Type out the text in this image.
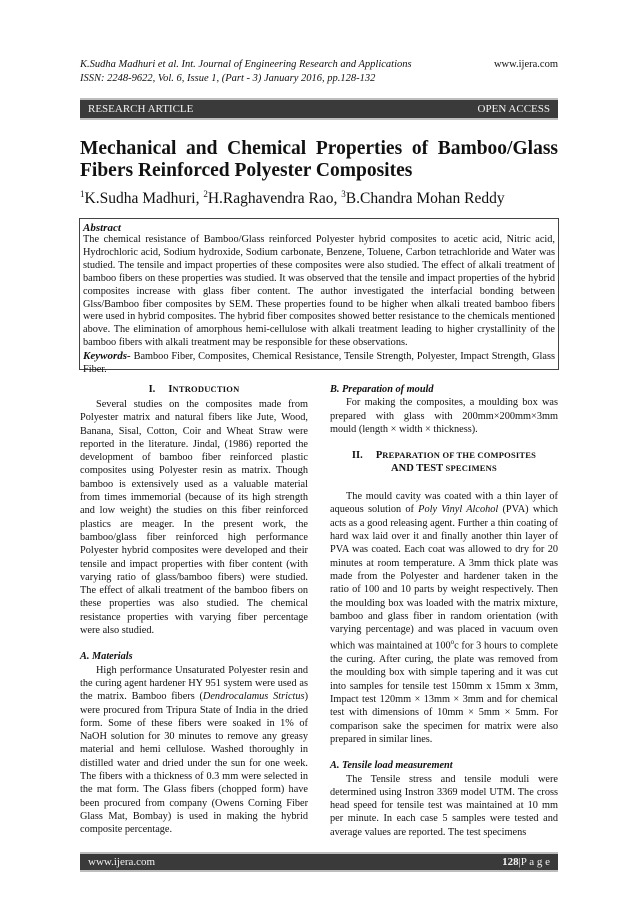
K.Sudha Madhuri et al. Int. Journal of Engineering Research and Applications
ISSN: 2248-9622, Vol. 6, Issue 1, (Part - 3) January 2016, pp.128-132
www.ijera.com
RESEARCH ARTICLE	OPEN ACCESS
Mechanical and Chemical Properties of Bamboo/Glass Fibers Reinforced Polyester Composites
$^1$K.Sudha Madhuri, $^2$H.Raghavendra Rao, $^3$B.Chandra Mohan Reddy
Abstract
The chemical resistance of Bamboo/Glass reinforced Polyester hybrid composites to acetic acid, Nitric acid, Hydrochloric acid, Sodium hydroxide, Sodium carbonate, Benzene, Toluene, Carbon tetrachloride and Water was studied. The tensile and impact properties of these composites were also studied. The effect of alkali treatment of bamboo fibers on these properties was studied. It was observed that the tensile and impact properties of the hybrid composites increase with glass fiber content. The author investigated the interfacial bonding between Glss/Bamboo fiber composites by SEM. These properties found to be higher when alkali treated bamboo fibers were used in hybrid composites. The hybrid fiber composites showed better resistance to the chemicals mentioned above. The elimination of amorphous hemi-cellulose with alkali treatment leading to higher crystallinity of the bamboo fibers with alkali treatment may be responsible for these observations.
Keywords- Bamboo Fiber, Composites, Chemical Resistance, Tensile Strength, Polyester, Impact Strength, Glass Fiber.
I. INTRODUCTION

Several studies on the composites made from Polyester matrix and natural fibers like Jute, Wood, Banana, Sisal, Cotton, Coir and Wheat Straw were reported in the literature. Jindal, (1986) reported the development of bamboo fiber reinforced plastic composites using Polyester resin as matrix. Though bamboo is extensively used as a valuable material from times immemorial (because of its high strength and low weight) the studies on this fiber reinforced plastics are meager. In the present work, the bamboo/glass fiber reinforced high performance Polyester hybrid composites were developed and their tensile and impact properties with fiber content (with varying ratio of glass/bamboo fibers) were studied. The effect of alkali treatment of the bamboo fibers on these properties was also studied. The chemical resistance properties with varying fiber percentage were also studied.

A. Materials

High performance Unsaturated Polyester resin and the curing agent hardener HY 951 system were used as the matrix. Bamboo fibers (Dendrocalamus Strictus) were procured from Tripura State of India in the dried form. Some of these fibers were soaked in 1% of NaOH solution for 30 minutes to remove any greasy material and hemi cellulose. Washed thoroughly in distilled water and dried under the sun for one week. The fibers with a thickness of 0.3 mm were selected in the mat form. The Glass fibers (chopped form) have been procured from company (Owens Corning Fiber Glass Mat, Bombay) is used in making the hybrid composite percentage.

B. Preparation of mould

For making the composites, a moulding box was prepared with glass with 200mm×200mm×3mm mould (length × width × thickness).

II. PREPARATION OF THE COMPOSITES
AND TEST SPECIMENS

The mould cavity was coated with a thin layer of aqueous solution of Poly Vinyl Alcohol (PVA) which acts as a good releasing agent. Further a thin coating of hard wax laid over it and finally another thin layer of PVA was coated. Each coat was allowed to dry for 20 minutes at room temperature. A 3mm thick plate was made from the Polyester and hardener taken in the ratio of 100 and 10 parts by weight respectively. Then the moulding box was loaded with the matrix mixture, bamboo and glass fiber in random orientation (with varying percentage) and was placed in vacuum oven which was maintained at 100$^o$c for 3 hours to complete the curing. After curing, the plate was removed from the moulding box with simple tapering and it was cut into samples for tensile test 150mm x 15mm x 3mm, Impact test 120mm × 13mm × 3mm and for chemical test with dimensions of 10mm × 5mm × 5mm. For comparison sake the specimen for matrix were also prepared in similar lines.

A. Tensile load measurement

The Tensile stress and tensile moduli were determined using Instron 3369 model UTM. The cross head speed for tensile test was maintained at 10 mm per minute. In each case 5 samples were tested and average values are reported. The test specimens

www.ijera.com	128|P a g e
